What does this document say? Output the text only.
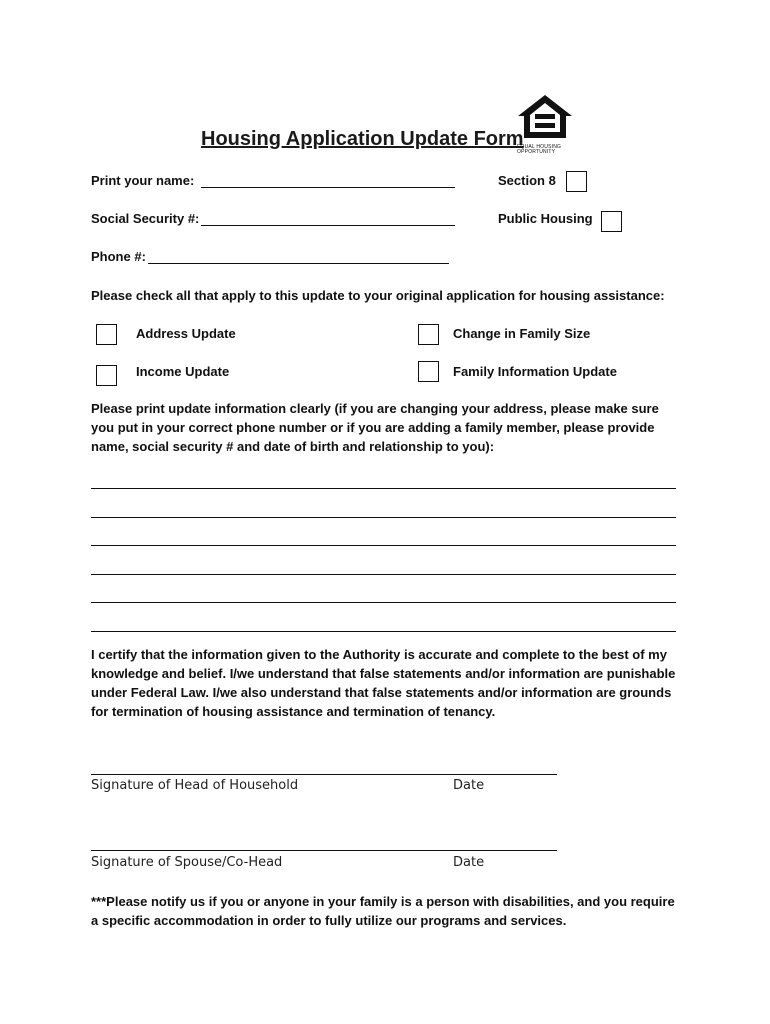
Housing Application Update Form
EQUAL HOUSING OPPORTUNITY
Print your name:	Section 8
Social Security #:	Public Housing
Phone #:
Please check all that apply to this update to your original application for housing assistance:
Address Update	Change in Family Size
Income Update	Family Information Update
Please print update information clearly (if you are changing your address, please make sure you put in your correct phone number or if you are adding a family member, please provide name, social security # and date of birth and relationship to you):
I certify that the information given to the Authority is accurate and complete to the best of my knowledge and belief. I/we understand that false statements and/or information are punishable under Federal Law. I/we also understand that false statements and/or information are grounds for termination of housing assistance and termination of tenancy.
Signature of Head of Household	Date
Signature of Spouse/Co-Head	Date
***Please notify us if you or anyone in your family is a person with disabilities, and you require a specific accommodation in order to fully utilize our programs and services.
